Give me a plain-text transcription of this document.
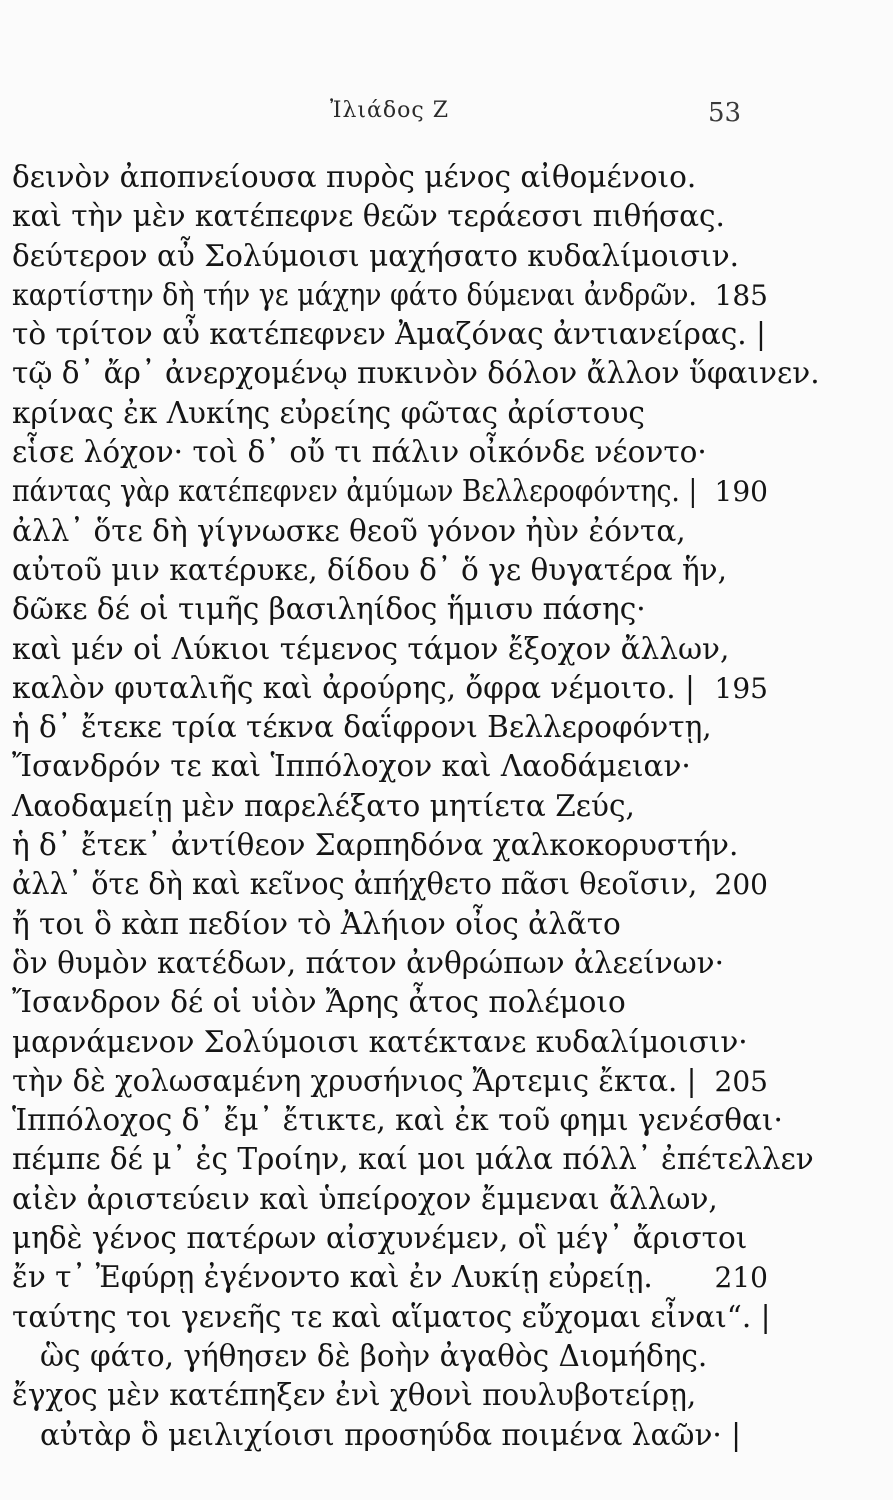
Ἰλιάδος Ζ	53
δεινὸν ἀποπνείουσα πυρὸς μένος αἰθομένοιο.
καὶ τὴν μὲν κατέπεφνε θεῶν τεράεσσι πιθήσας.
δεύτερον αὖ Σολύμοισι μαχήσατο κυδαλίμοισιν.
καρτίστην δὴ τήν γε μάχην φάτο δύμεναι ἀνδρῶν. 185
τὸ τρίτον αὖ κατέπεφνεν Ἀμαζόνας ἀντιανείρας. |
τῷ δ᾽ ἄρ᾽ ἀνερχομένῳ πυκινὸν δόλον ἄλλον ὕφαινεν.
κρίνας ἐκ Λυκίης εὐρείης φῶτας ἀρίστους
εἷσε λόχον· τοὶ δ᾽ οὔ τι πάλιν οἶκόνδε νέοντο·
πάντας γὰρ κατέπεφνεν ἀμύμων Βελλεροφόντης. | 190
ἀλλ᾽ ὅτε δὴ γίγνωσκε θεοῦ γόνον ἠὺν ἐόντα,
αὐτοῦ μιν κατέρυκε, δίδου δ᾽ ὅ γε θυγατέρα ἥν,
δῶκε δέ οἱ τιμῆς βασιληίδος ἥμισυ πάσης·
καὶ μέν οἱ Λύκιοι τέμενος τάμον ἔξοχον ἄλλων,
καλὸν φυταλιῆς καὶ ἀρούρης, ὄφρα νέμοιτο. | 195
ἡ δ᾽ ἔτεκε τρία τέκνα δαΐφρονι Βελλεροφόντῃ,
Ἴσανδρόν τε καὶ Ἱππόλοχον καὶ Λαοδάμειαν·
Λαοδαμείῃ μὲν παρελέξατο μητίετα Ζεύς,
ἡ δ᾽ ἔτεκ᾽ ἀντίθεον Σαρπηδόνα χαλκοκορυστήν.
ἀλλ᾽ ὅτε δὴ καὶ κεῖνος ἀπήχθετο πᾶσι θεοῖσιν, 200
ἤ τοι ὃ κὰπ πεδίον τὸ Ἀλήιον οἶος ἀλᾶτο
ὃν θυμὸν κατέδων, πάτον ἀνθρώπων ἀλεείνων·
Ἴσανδρον δέ οἱ υἱὸν Ἄρης ἆτος πολέμοιο
μαρνάμενον Σολύμοισι κατέκτανε κυδαλίμοισιν·
τὴν δὲ χολωσαμένη χρυσήνιος Ἄρτεμις ἔκτα. | 205
Ἱππόλοχος δ᾽ ἔμ᾽ ἔτικτε, καὶ ἐκ τοῦ φημι γενέσθαι·
πέμπε δέ μ᾽ ἐς Τροίην, καί μοι μάλα πόλλ᾽ ἐπέτελλεν
αἰὲν ἀριστεύειν καὶ ὑπείροχον ἔμμεναι ἄλλων,
μηδὲ γένος πατέρων αἰσχυνέμεν, οἳ μέγ᾽ ἄριστοι
ἔν τ᾽ Ἐφύρῃ ἐγένοντο καὶ ἐν Λυκίῃ εὐρείῃ. 210
ταύτης τοι γενεῆς τε καὶ αἵματος εὔχομαι εἶναι“. |
ὣς φάτο, γήθησεν δὲ βοὴν ἀγαθὸς Διομήδης.
ἔγχος μὲν κατέπηξεν ἐνὶ χθονὶ πουλυβοτείρῃ,
αὐτὰρ ὃ μειλιχίοισι προσηύδα ποιμένα λαῶν· |
